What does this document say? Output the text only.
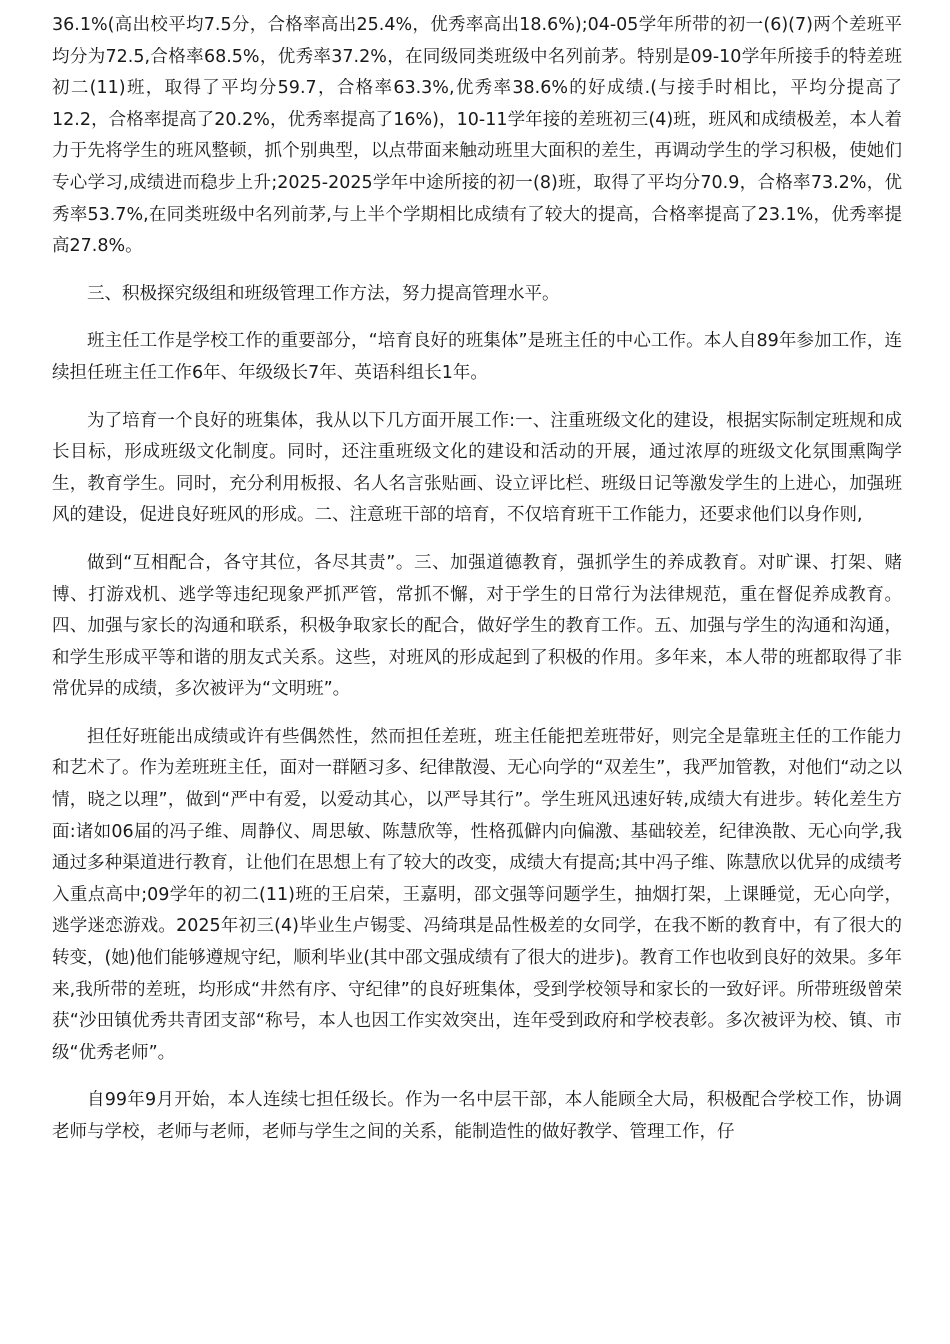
36.1%(高出校平均7.5分，合格率高出25.4%，优秀率高出18.6%);04-05学年所带的初一(6)(7)两个差班平均分为72.5,合格率68.5%，优秀率37.2%，在同级同类班级中名列前茅。特别是09-10学年所接手的特差班初二(11)班，取得了平均分59.7，合格率63.3%,优秀率38.6%的好成绩.(与接手时相比，平均分提高了12.2，合格率提高了20.2%，优秀率提高了16%)，10-11学年接的差班初三(4)班，班风和成绩极差，本人着力于先将学生的班风整顿，抓个别典型，以点带面来触动班里大面积的差生，再调动学生的学习积极，使她们专心学习,成绩进而稳步上升;2025-2025学年中途所接的初一(8)班，取得了平均分70.9，合格率73.2%，优秀率53.7%,在同类班级中名列前茅,与上半个学期相比成绩有了较大的提高，合格率提高了23.1%，优秀率提高27.8%。

三、积极探究级组和班级管理工作方法，努力提高管理水平。

班主任工作是学校工作的重要部分，“培育良好的班集体”是班主任的中心工作。本人自89年参加工作，连续担任班主任工作6年、年级级长7年、英语科组长1年。

为了培育一个良好的班集体，我从以下几方面开展工作:一、注重班级文化的建设，根据实际制定班规和成长目标，形成班级文化制度。同时，还注重班级文化的建设和活动的开展，通过浓厚的班级文化氛围熏陶学生，教育学生。同时，充分利用板报、名人名言张贴画、设立评比栏、班级日记等激发学生的上进心，加强班风的建设，促进良好班风的形成。二、注意班干部的培育，不仅培育班干工作能力，还要求他们以身作则,

做到“互相配合，各守其位，各尽其责”。三、加强道德教育，强抓学生的养成教育。对旷课、打架、赌博、打游戏机、逃学等违纪现象严抓严管，常抓不懈，对于学生的日常行为法律规范，重在督促养成教育。四、加强与家长的沟通和联系，积极争取家长的配合，做好学生的教育工作。五、加强与学生的沟通和沟通，和学生形成平等和谐的朋友式关系。这些，对班风的形成起到了积极的作用。多年来，本人带的班都取得了非常优异的成绩，多次被评为“文明班”。

担任好班能出成绩或许有些偶然性，然而担任差班，班主任能把差班带好，则完全是靠班主任的工作能力和艺术了。作为差班班主任，面对一群陋习多、纪律散漫、无心向学的“双差生”，我严加管教，对他们“动之以情，晓之以理”，做到“严中有爱，以爱动其心，以严导其行”。学生班风迅速好转,成绩大有进步。转化差生方面:诸如06届的冯子维、周静仪、周思敏、陈慧欣等，性格孤僻内向偏激、基础较差，纪律涣散、无心向学,我通过多种渠道进行教育，让他们在思想上有了较大的改变，成绩大有提高;其中冯子维、陈慧欣以优异的成绩考入重点高中;09学年的初二(11)班的王启荣，王嘉明，邵文强等问题学生，抽烟打架，上课睡觉，无心向学，逃学迷恋游戏。2025年初三(4)毕业生卢锡雯、冯绮琪是品性极差的女同学，在我不断的教育中，有了很大的转变，(她)他们能够遵规守纪，顺利毕业(其中邵文强成绩有了很大的进步)。教育工作也收到良好的效果。多年来,我所带的差班，均形成“井然有序、守纪律”的良好班集体，受到学校领导和家长的一致好评。所带班级曾荣获“沙田镇优秀共青团支部“称号，本人也因工作实效突出，连年受到政府和学校表彰。多次被评为校、镇、市级“优秀老师”。

自99年9月开始，本人连续七担任级长。作为一名中层干部，本人能顾全大局，积极配合学校工作，协调老师与学校，老师与老师，老师与学生之间的关系，能制造性的做好教学、管理工作，仔
